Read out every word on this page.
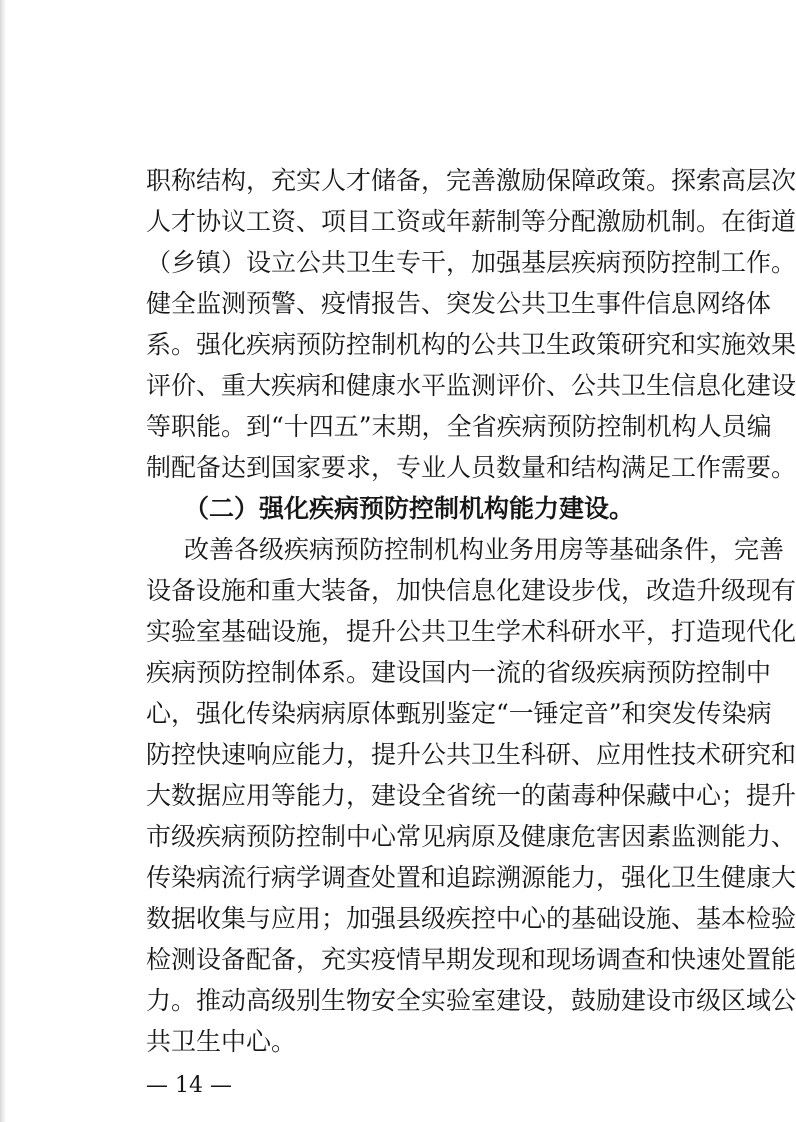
职称结构，充实人才储备，完善激励保障政策。探索高层次
人才协议工资、项目工资或年薪制等分配激励机制。在街道
（乡镇）设立公共卫生专干，加强基层疾病预防控制工作。
健全监测预警、疫情报告、突发公共卫生事件信息网络体
系。强化疾病预防控制机构的公共卫生政策研究和实施效果
评价、重大疾病和健康水平监测评价、公共卫生信息化建设
等职能。到“十四五”末期，全省疾病预防控制机构人员编
制配备达到国家要求，专业人员数量和结构满足工作需要。
（二）强化疾病预防控制机构能力建设。
改善各级疾病预防控制机构业务用房等基础条件，完善
设备设施和重大装备，加快信息化建设步伐，改造升级现有
实验室基础设施，提升公共卫生学术科研水平，打造现代化
疾病预防控制体系。建设国内一流的省级疾病预防控制中
心，强化传染病病原体甄别鉴定“一锤定音”和突发传染病
防控快速响应能力，提升公共卫生科研、应用性技术研究和
大数据应用等能力，建设全省统一的菌毒种保藏中心；提升
市级疾病预防控制中心常见病原及健康危害因素监测能力、
传染病流行病学调查处置和追踪溯源能力，强化卫生健康大
数据收集与应用；加强县级疾控中心的基础设施、基本检验
检测设备配备，充实疫情早期发现和现场调查和快速处置能
力。推动高级别生物安全实验室建设，鼓励建设市级区域公
共卫生中心。
— 14 —
